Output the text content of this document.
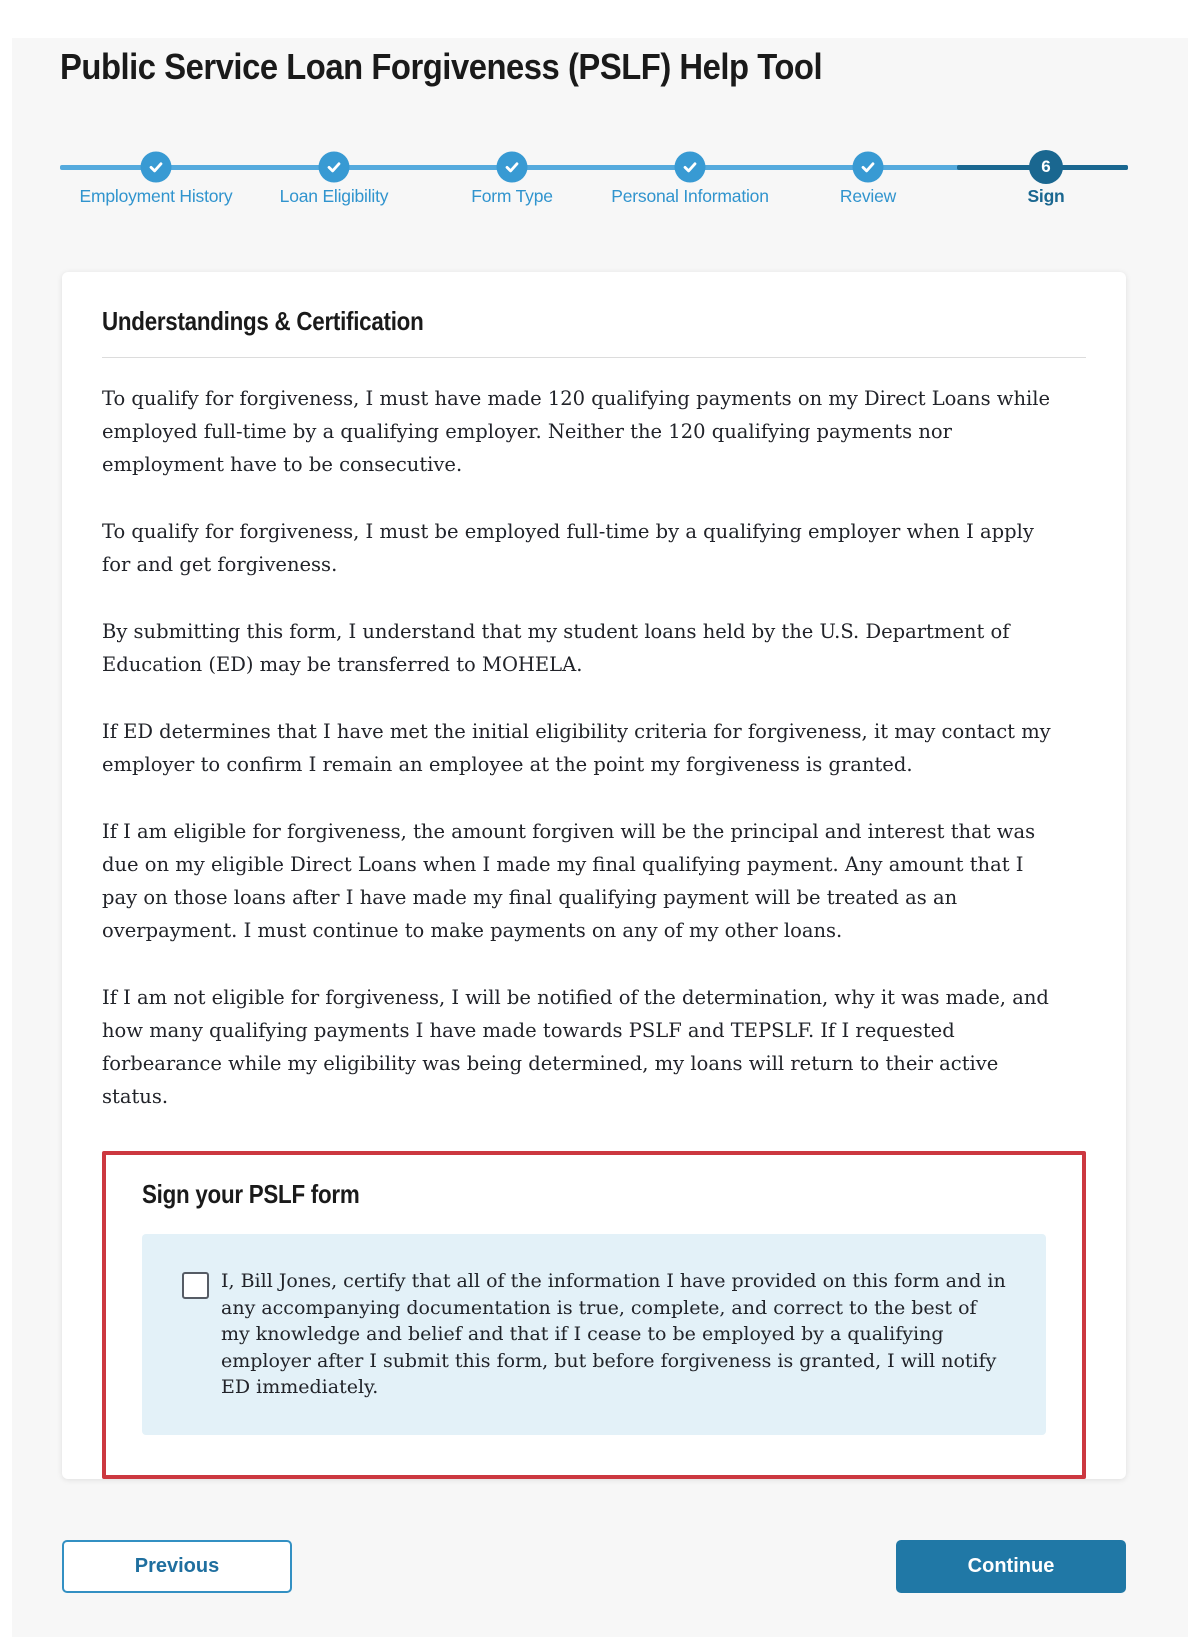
Public Service Loan Forgiveness (PSLF) Help Tool
Employment History	Loan Eligibility	Form Type	Personal Information	Review
6
Sign
Understandings & Certification

To qualify for forgiveness, I must have made 120 qualifying payments on my Direct Loans while employed full-time by a qualifying employer. Neither the 120 qualifying payments nor employment have to be consecutive.

To qualify for forgiveness, I must be employed full-time by a qualifying employer when I apply for and get forgiveness.

By submitting this form, I understand that my student loans held by the U.S. Department of Education (ED) may be transferred to MOHELA.

If ED determines that I have met the initial eligibility criteria for forgiveness, it may contact my employer to confirm I remain an employee at the point my forgiveness is granted.

If I am eligible for forgiveness, the amount forgiven will be the principal and interest that was due on my eligible Direct Loans when I made my final qualifying payment. Any amount that I pay on those loans after I have made my final qualifying payment will be treated as an overpayment. I must continue to make payments on any of my other loans.

If I am not eligible for forgiveness, I will be notified of the determination, why it was made, and how many qualifying payments I have made towards PSLF and TEPSLF. If I requested forbearance while my eligibility was being determined, my loans will return to their active status.

Sign your PSLF form
I, Bill Jones, certify that all of the information I have provided on this form and in any accompanying documentation is true, complete, and correct to the best of my knowledge and belief and that if I cease to be employed by a qualifying employer after I submit this form, but before forgiveness is granted, I will notify ED immediately.
Previous	Continue
